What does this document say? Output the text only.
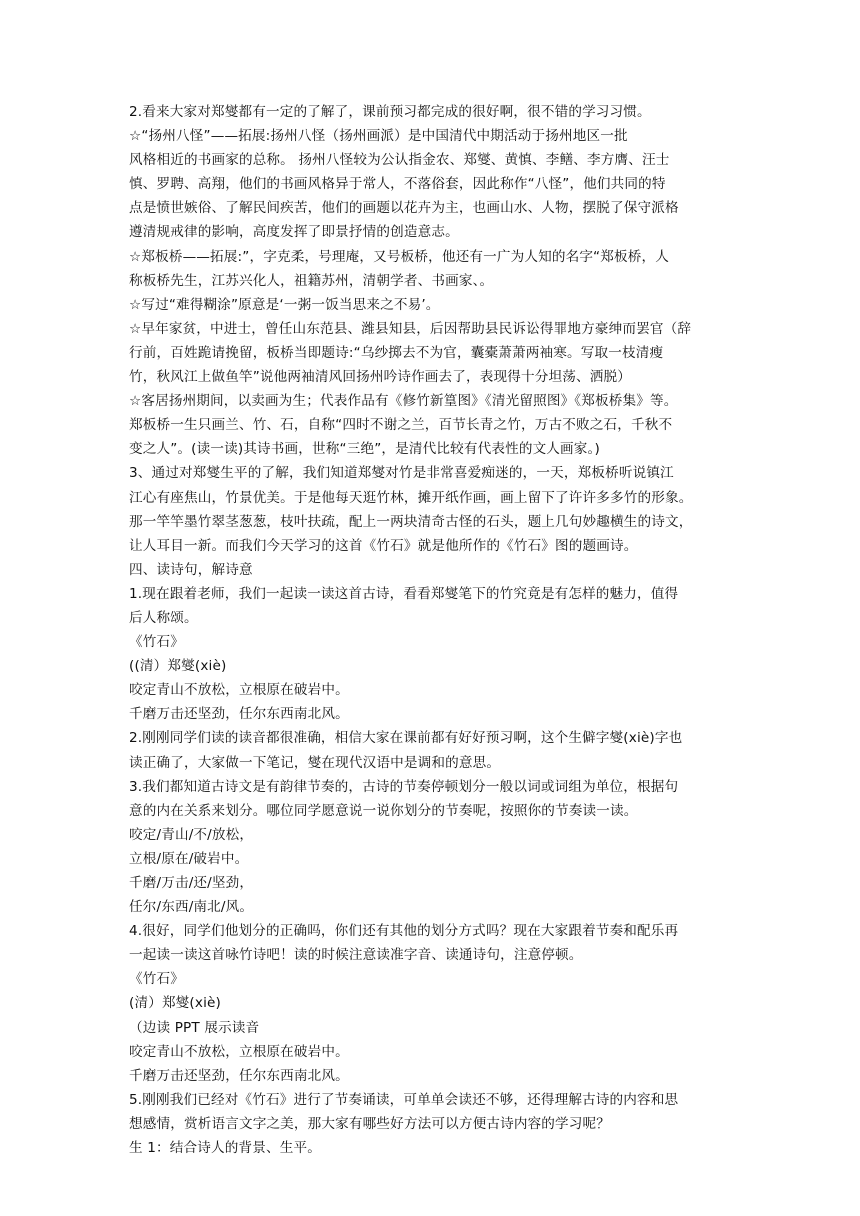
2.看来大家对郑燮都有一定的了解了，课前预习都完成的很好啊，很不错的学习习惯。
☆“扬州八怪”——拓展:扬州八怪（扬州画派）是中国清代中期活动于扬州地区一批
风格相近的书画家的总称。 扬州八怪较为公认指金农、郑燮、黄慎、李鳝、李方膺、汪士
慎、罗聘、高翔，他们的书画风格异于常人，不落俗套，因此称作“八怪”，他们共同的特
点是愤世嫉俗、了解民间疾苦，他们的画题以花卉为主，也画山水、人物，摆脱了保守派格
遵清规戒律的影响，高度发挥了即景抒情的创造意志。
☆郑板桥——拓展:”，字克柔，号理庵，又号板桥，他还有一广为人知的名字“郑板桥，人
称板桥先生，江苏兴化人，祖籍苏州，清朝学者、书画家、。
☆写过“难得糊涂”原意是‘一粥一饭当思来之不易’。
☆早年家贫，中进士，曾任山东范县、潍县知县，后因帮助县民诉讼得罪地方豪绅而罢官（辞
行前，百姓跪请挽留，板桥当即题诗:“乌纱掷去不为官，囊橐萧萧两袖寒。写取一枝清瘦
竹，秋风江上做鱼竿”说他两袖清风回扬州吟诗作画去了，表现得十分坦荡、洒脱）
☆客居扬州期间，以卖画为生；代表作品有《修竹新篁图》《清光留照图》《郑板桥集》等。
郑板桥一生只画兰、竹、石，自称“四时不谢之兰，百节长青之竹，万古不败之石，千秋不
变之人”。(读一读)其诗书画，世称“三绝”，是清代比较有代表性的文人画家。)
3、通过对郑燮生平的了解，我们知道郑燮对竹是非常喜爱痴迷的，一天，郑板桥听说镇江
江心有座焦山，竹景优美。于是他每天逛竹林，摊开纸作画，画上留下了许许多多竹的形象。
那一竿竿墨竹翠茎葱葱，枝叶扶疏，配上一两块清奇古怪的石头，题上几句妙趣横生的诗文，
让人耳目一新。而我们今天学习的这首《竹石》就是他所作的《竹石》图的题画诗。
四、读诗句，解诗意
1.现在跟着老师，我们一起读一读这首古诗，看看郑燮笔下的竹究竟是有怎样的魅力，值得
后人称颂。
《竹石》
((清）郑燮(xiè)
咬定青山不放松，立根原在破岩中。
千磨万击还坚劲，任尔东西南北风。
2.刚刚同学们读的读音都很准确，相信大家在课前都有好好预习啊，这个生僻字燮(xiè)字也
读正确了，大家做一下笔记，燮在现代汉语中是调和的意思。
3.我们都知道古诗文是有韵律节奏的，古诗的节奏停顿划分一般以词或词组为单位，根据句
意的内在关系来划分。哪位同学愿意说一说你划分的节奏呢，按照你的节奏读一读。
咬定/青山/不/放松，
立根/原在/破岩中。
千磨/万击/还/坚劲，
任尔/东西/南北/风。
4.很好，同学们他划分的正确吗，你们还有其他的划分方式吗？现在大家跟着节奏和配乐再
一起读一读这首咏竹诗吧！读的时候注意读准字音、读通诗句，注意停顿。
《竹石》
(清）郑燮(xiè)
（边读 PPT 展示读音
咬定青山不放松，立根原在破岩中。
千磨万击还坚劲，任尔东西南北风。
5.刚刚我们已经对《竹石》进行了节奏诵读，可单单会读还不够，还得理解古诗的内容和思
想感情，赏析语言文字之美，那大家有哪些好方法可以方便古诗内容的学习呢？
生 1：结合诗人的背景、生平。
